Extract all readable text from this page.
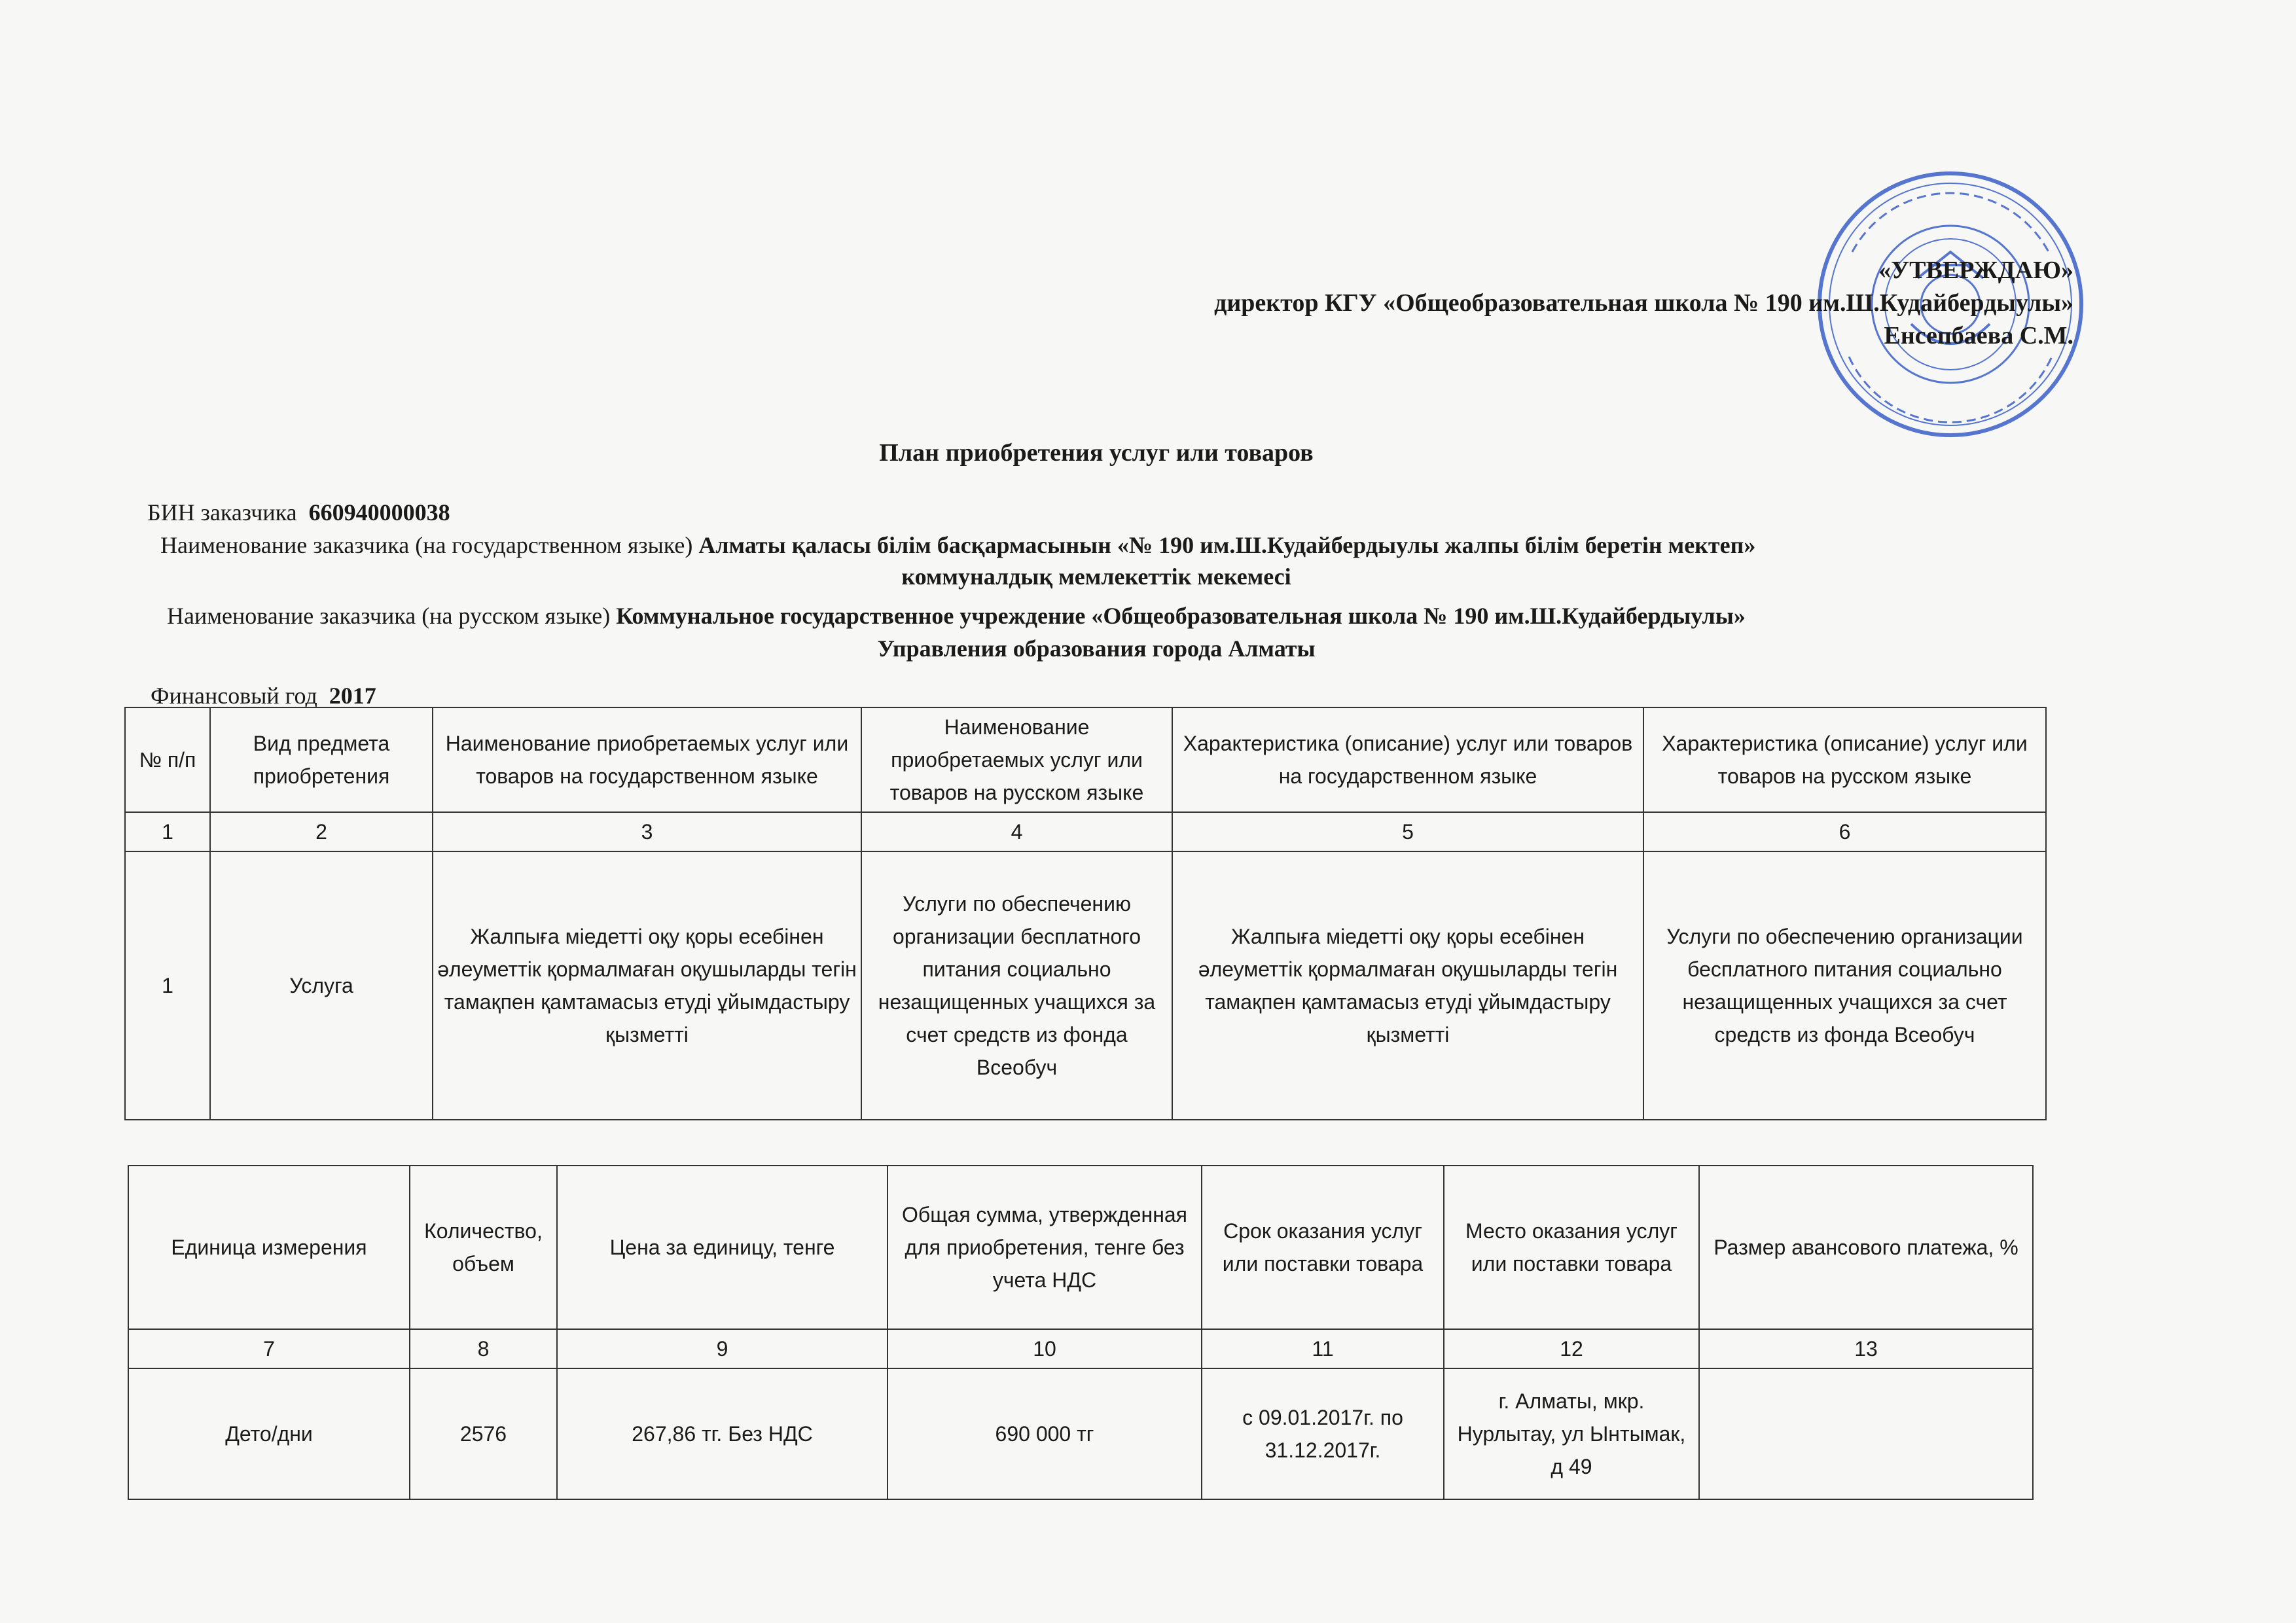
«УТВЕРЖДАЮ»
директор КГУ «Общеобразовательная школа № 190 им.Ш.Кудайбердыулы»
Енсепбаева С.М.
План приобретения услуг или товаров
БИН заказчика 660940000038
Наименование заказчика (на государственном языке) Алматы қаласы білім басқармасынын «№ 190 им.Ш.Кудайбердыулы жалпы білім беретін мектеп»
коммуналдық мемлекеттік мекемесі
Наименование заказчика (на русском языке) Коммунальное государственное учреждение «Общеобразовательная школа № 190 им.Ш.Кудайбердыулы»
Управления образования города Алматы
Финансовый год 2017
№ п/п	Вид предмета приобретения	Наименование приобретаемых услуг или товаров на государственном языке	Наименование приобретаемых услуг или товаров на русском языке	Характеристика (описание) услуг или товаров на государственном языке	Характеристика (описание) услуг или товаров на русском языке
1	2	3	4	5	6
1	Услуга	Жалпыға міедетті оқу қоры есебінен әлеуметтік қормалмаған оқушыларды тегін тамақпен қамтамасыз етуді ұйымдастыру қызметті	Услуги по обеспечению организации бесплатного питания социально незащищенных учащихся за счет средств из фонда Всеобуч	Жалпыға міедетті оқу қоры есебінен әлеуметтік қормалмаған оқушыларды тегін тамақпен қамтамасыз етуді ұйымдастыру қызметті	Услуги по обеспечению организации бесплатного питания социально незащищенных учащихся за счет средств из фонда Всеобуч
Единица измерения	Количество, объем	Цена за единицу, тенге	Общая сумма, утвержденная для приобретения, тенге без учета НДС	Срок оказания услуг или поставки товара	Место оказания услуг или поставки товара	Размер авансового платежа, %
7	8	9	10	11	12	13
Дето/дни	2576	267,86 тг. Без НДС	690 000 тг	с 09.01.2017г. по 31.12.2017г.	г. Алматы, мкр. Нурлытау, ул Ынтымак, д 49	
